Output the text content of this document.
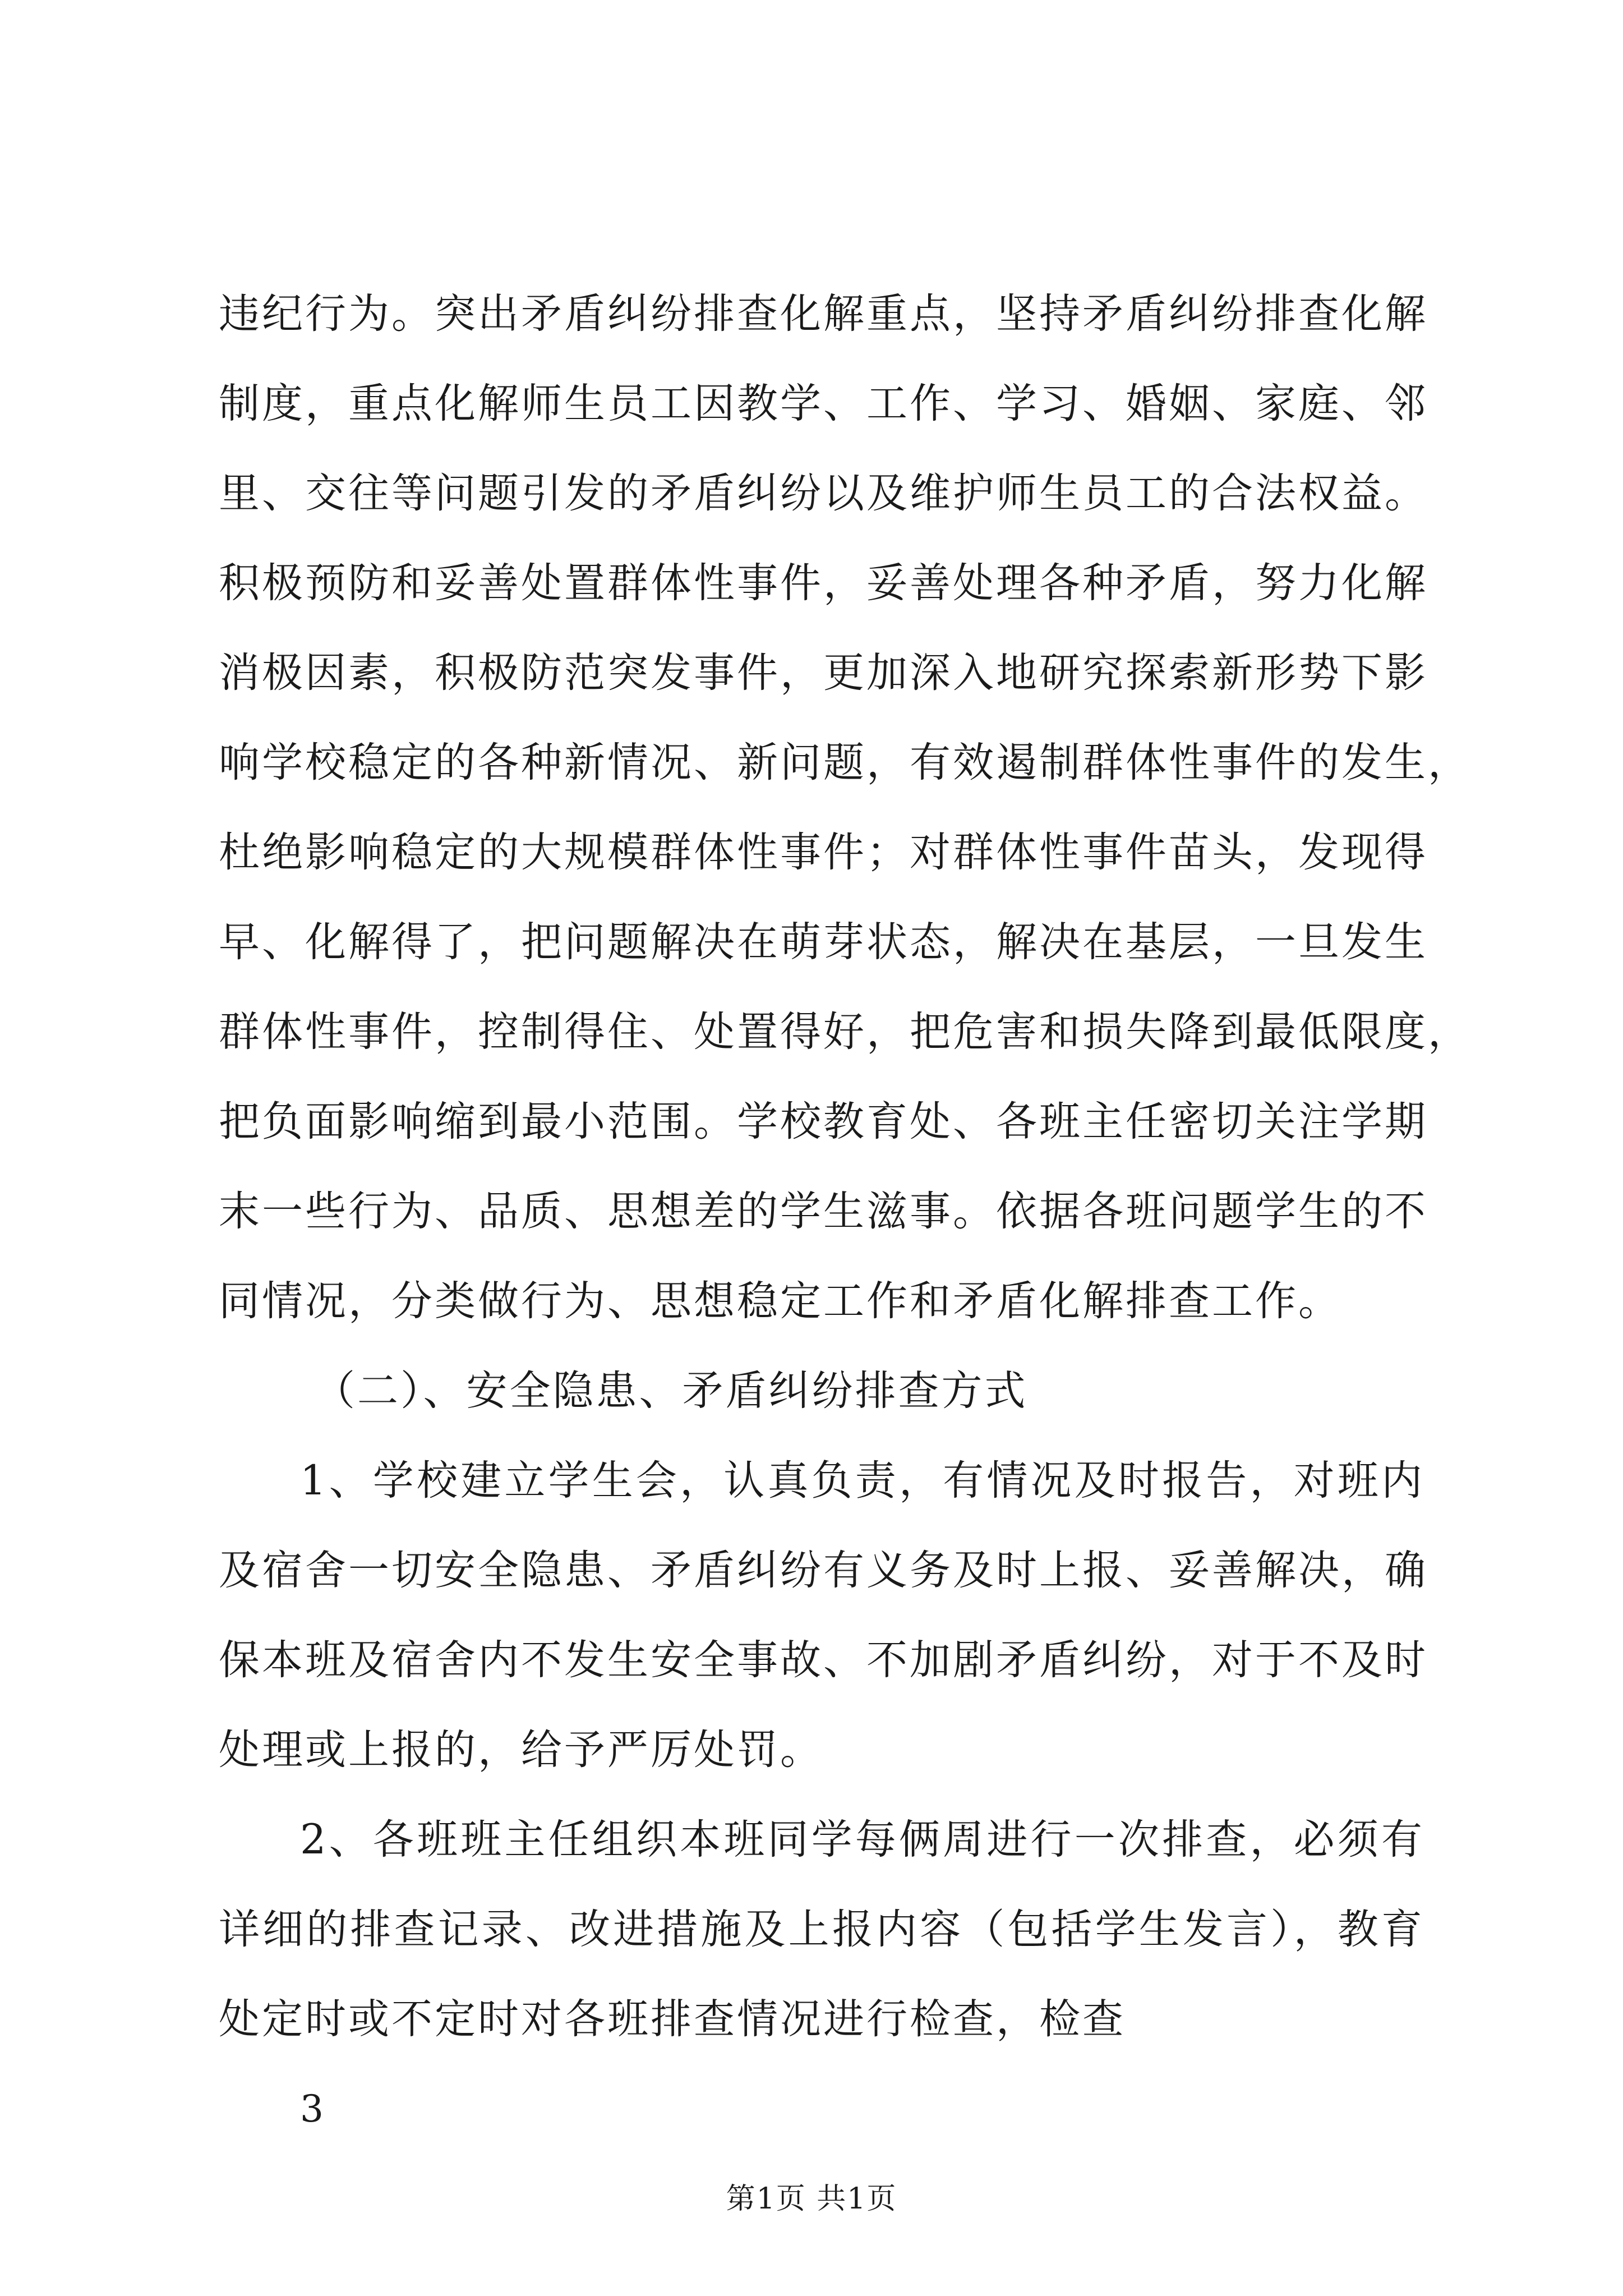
违纪行为。突出矛盾纠纷排查化解重点，坚持矛盾纠纷排查化解
制度，重点化解师生员工因教学、工作、学习、婚姻、家庭、邻
里、交往等问题引发的矛盾纠纷以及维护师生员工的合法权益。
积极预防和妥善处置群体性事件，妥善处理各种矛盾，努力化解
消极因素，积极防范突发事件，更加深入地研究探索新形势下影
响学校稳定的各种新情况、新问题，有效遏制群体性事件的发生，
杜绝影响稳定的大规模群体性事件；对群体性事件苗头，发现得
早、化解得了，把问题解决在萌芽状态，解决在基层，一旦发生
群体性事件，控制得住、处置得好，把危害和损失降到最低限度，
把负面影响缩到最小范围。学校教育处、各班主任密切关注学期
末一些行为、品质、思想差的学生滋事。依据各班问题学生的不
同情况，分类做行为、思想稳定工作和矛盾化解排查工作。
（二）、安全隐患、矛盾纠纷排查方式
1、学校建立学生会，认真负责，有情况及时报告，对班内
及宿舍一切安全隐患、矛盾纠纷有义务及时上报、妥善解决，确
保本班及宿舍内不发生安全事故、不加剧矛盾纠纷，对于不及时
处理或上报的，给予严厉处罚。
2、各班班主任组织本班同学每俩周进行一次排查，必须有
详细的排查记录、改进措施及上报内容（包括学生发言），教育
处定时或不定时对各班排查情况进行检查，检查
3
第1页 共1页
